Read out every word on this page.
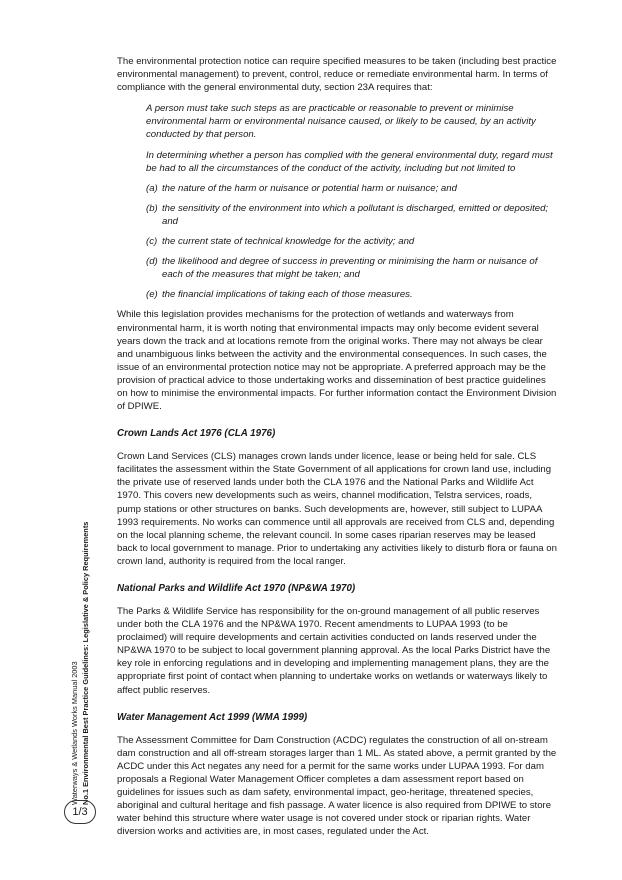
The environmental protection notice can require specified measures to be taken (including best practice environmental management) to prevent, control, reduce or remediate environmental harm. In terms of compliance with the general environmental duty, section 23A requires that:

A person must take such steps as are practicable or reasonable to prevent or minimise environmental harm or environmental nuisance caused, or likely to be caused, by an activity conducted by that person.

In determining whether a person has complied with the general environmental duty, regard must be had to all the circumstances of the conduct of the activity, including but not limited to

(a) the nature of the harm or nuisance or potential harm or nuisance; and
(b) the sensitivity of the environment into which a pollutant is discharged, emitted or deposited; and
(c) the current state of technical knowledge for the activity; and
(d) the likelihood and degree of success in preventing or minimising the harm or nuisance of each of the measures that might be taken; and
(e) the financial implications of taking each of those measures.

While this legislation provides mechanisms for the protection of wetlands and waterways from environmental harm, it is worth noting that environmental impacts may only become evident several years down the track and at locations remote from the original works. There may not always be clear and unambiguous links between the activity and the environmental consequences. In such cases, the issue of an environmental protection notice may not be appropriate. A preferred approach may be the provision of practical advice to those undertaking works and dissemination of best practice guidelines on how to minimise the environmental impacts. For further information contact the Environment Division of DPIWE.

Crown Lands Act 1976 (CLA 1976)

Crown Land Services (CLS) manages crown lands under licence, lease or being held for sale. CLS facilitates the assessment within the State Government of all applications for crown land use, including the private use of reserved lands under both the CLA 1976 and the National Parks and Wildlife Act 1970. This covers new developments such as weirs, channel modification, Telstra services, roads, pump stations or other structures on banks. Such developments are, however, still subject to LUPAA 1993 requirements. No works can commence until all approvals are received from CLS and, depending on the local planning scheme, the relevant council. In some cases riparian reserves may be leased back to local government to manage. Prior to undertaking any activities likely to disturb flora or fauna on crown land, authority is required from the local ranger.

National Parks and Wildlife Act 1970 (NP&WA 1970)

The Parks & Wildlife Service has responsibility for the on-ground management of all public reserves under both the CLA 1976 and the NP&WA 1970. Recent amendments to LUPAA 1993 (to be proclaimed) will require developments and certain activities conducted on lands reserved under the NP&WA 1970 to be subject to local government planning approval. As the local Parks District have the key role in enforcing regulations and in developing and implementing management plans, they are the appropriate first point of contact when planning to undertake works on wetlands or waterways likely to affect public reserves.

Water Management Act 1999 (WMA 1999)

The Assessment Committee for Dam Construction (ACDC) regulates the construction of all on-stream dam construction and all off-stream storages larger than 1 ML. As stated above, a permit granted by the ACDC under this Act negates any need for a permit for the same works under LUPAA 1993. For dam proposals a Regional Water Management Officer completes a dam assessment report based on guidelines for issues such as dam safety, environmental impact, geo-heritage, threatened species, aboriginal and cultural heritage and fish passage. A water licence is also required from DPIWE to store water behind this structure where water usage is not covered under stock or riparian rights. Water diversion works and activities are, in most cases, regulated under the Act.

Waterways & Wetlands Works Manual 2003 No.1 Environmental Best Practice Guidelines: Legislative & Policy Requirements
1/3
